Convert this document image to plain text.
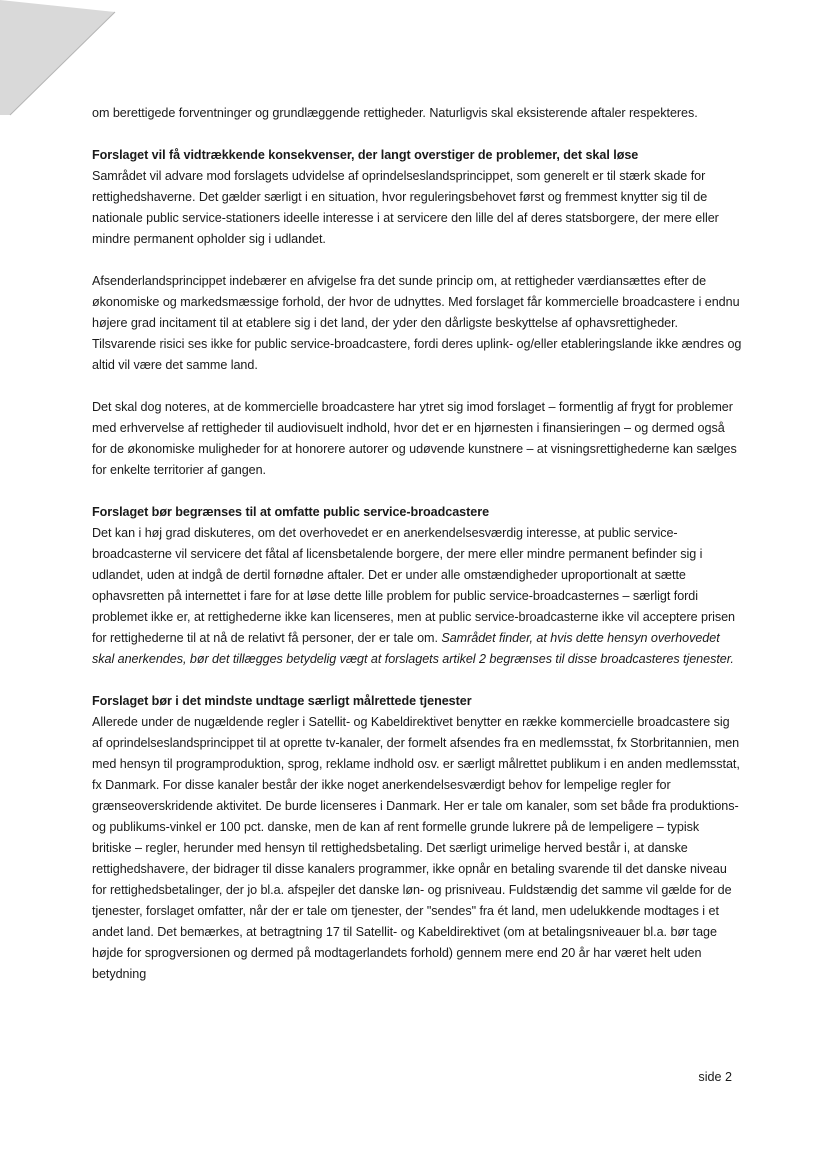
om berettigede forventninger og grundlæggende rettigheder. Naturligvis skal eksisterende aftaler respekteres.

Forslaget vil få vidtrækkende konsekvenser, der langt overstiger de problemer, det skal løse

Samrådet vil advare mod forslagets udvidelse af oprindelseslandsprincippet, som generelt er til stærk skade for rettighedshaverne. Det gælder særligt i en situation, hvor reguleringsbehovet først og fremmest knytter sig til de nationale public service-stationers ideelle interesse i at servicere den lille del af deres statsborgere, der mere eller mindre permanent opholder sig i udlandet.

Afsenderlandsprincippet indebærer en afvigelse fra det sunde princip om, at rettigheder værdiansættes efter de økonomiske og markedsmæssige forhold, der hvor de udnyttes. Med forslaget får kommercielle broadcastere i endnu højere grad incitament til at etablere sig i det land, der yder den dårligste beskyttelse af ophavsrettigheder. Tilsvarende risici ses ikke for public service-broadcastere, fordi deres uplink- og/eller etableringslande ikke ændres og altid vil være det samme land.

Det skal dog noteres, at de kommercielle broadcastere har ytret sig imod forslaget – formentlig af frygt for problemer med erhvervelse af rettigheder til audiovisuelt indhold, hvor det er en hjørnesten i finansieringen – og dermed også for de økonomiske muligheder for at honorere autorer og udøvende kunstnere – at visningsrettighederne kan sælges for enkelte territorier af gangen.

Forslaget bør begrænses til at omfatte public service-broadcastere

Det kan i høj grad diskuteres, om det overhovedet er en anerkendelsesværdig interesse, at public service-broadcasterne vil servicere det fåtal af licensbetalende borgere, der mere eller mindre permanent befinder sig i udlandet, uden at indgå de dertil fornødne aftaler. Det er under alle omstændigheder uproportionalt at sætte ophavsretten på internettet i fare for at løse dette lille problem for public service-broadcasternes – særligt fordi problemet ikke er, at rettighederne ikke kan licenseres, men at public service-broadcasterne ikke vil acceptere prisen for rettighederne til at nå de relativt få personer, der er tale om. Samrådet finder, at hvis dette hensyn overhovedet skal anerkendes, bør det tillægges betydelig vægt at forslagets artikel 2 begrænses til disse broadcasteres tjenester.

Forslaget bør i det mindste undtage særligt målrettede tjenester

Allerede under de nugældende regler i Satellit- og Kabeldirektivet benytter en række kommercielle broadcastere sig af oprindelseslandsprincippet til at oprette tv-kanaler, der formelt afsendes fra en medlemsstat, fx Storbritannien, men med hensyn til programproduktion, sprog, reklame indhold osv. er særligt målrettet publikum i en anden medlemsstat, fx Danmark. For disse kanaler består der ikke noget anerkendelsesværdigt behov for lempelige regler for grænseoverskridende aktivitet. De burde licenseres i Danmark. Her er tale om kanaler, som set både fra produktions- og publikums-vinkel er 100 pct. danske, men de kan af rent formelle grunde lukrere på de lempeligere – typisk britiske – regler, herunder med hensyn til rettighedsbetaling. Det særligt urimelige herved består i, at danske rettighedshavere, der bidrager til disse kanalers programmer, ikke opnår en betaling svarende til det danske niveau for rettighedsbetalinger, der jo bl.a. afspejler det danske løn- og prisniveau. Fuldstændig det samme vil gælde for de tjenester, forslaget omfatter, når der er tale om tjenester, der "sendes" fra ét land, men udelukkende modtages i et andet land. Det bemærkes, at betragtning 17 til Satellit- og Kabeldirektivet (om at betalingsniveauer bl.a. bør tage højde for sprogversionen og dermed på modtagerlandets forhold) gennem mere end 20 år har været helt uden betydning

side 2
